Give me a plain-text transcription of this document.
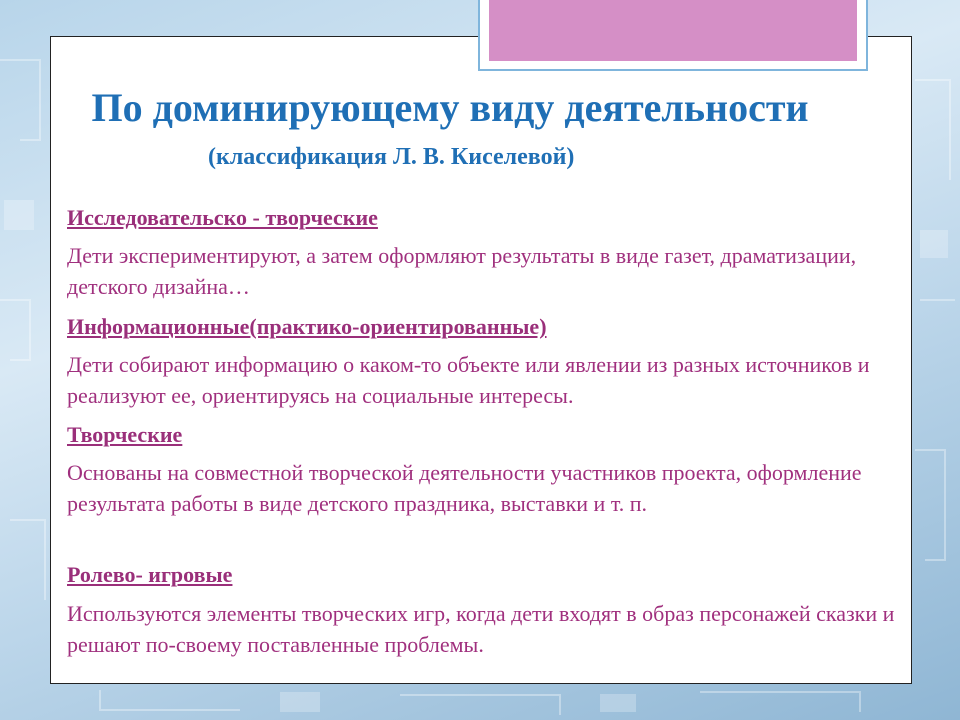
По доминирующему виду деятельности
(классификация Л. В. Киселевой)
Исследовательско - творческие
Дети экспериментируют, а затем оформляют результаты в виде газет, драматизации, детского дизайна…
Информационные(практико-ориентированные)
Дети собирают информацию о каком-то объекте или явлении из разных источников и реализуют ее, ориентируясь на социальные интересы.
Творческие
Основаны на совместной творческой деятельности участников проекта, оформление результата работы в виде детского праздника, выставки и т. п.
Ролево- игровые
Используются элементы творческих игр, когда дети входят в образ персонажей сказки и решают по-своему поставленные проблемы.
